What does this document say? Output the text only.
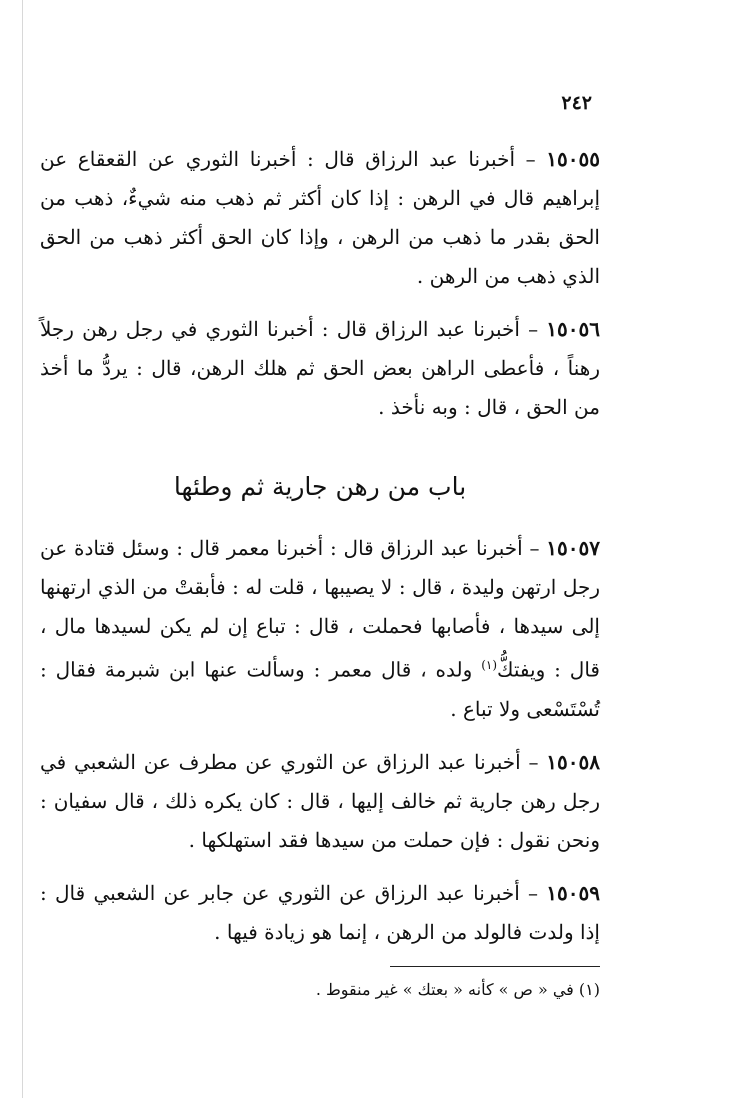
٢٤٢

١٥٠٥٥ – أخبرنا عبد الرزاق قال : أخبرنا الثوري عن القعقاع عن إبراهيم قال في الرهن : إذا كان أكثر ثم ذهب منه شيءٌ، ذهب من الحق بقدر ما ذهب من الرهن ، وإذا كان الحق أكثر ذهب من الحق الذي ذهب من الرهن .

١٥٠٥٦ – أخبرنا عبد الرزاق قال : أخبرنا الثوري في رجل رهن رجلاً رهناً ، فأعطى الراهن بعض الحق ثم هلك الرهن، قال : يردُّ ما أخذ من الحق ، قال : وبه نأخذ .

باب من رهن جارية ثم وطئها

١٥٠٥٧ – أخبرنا عبد الرزاق قال : أخبرنا معمر قال : وسئل قتادة عن رجل ارتهن وليدة ، قال : لا يصيبها ، قلت له : فأبقتْ من الذي ارتهنها إلى سيدها ، فأصابها فحملت ، قال : تباع إن لم يكن لسيدها مال ، قال : ويفتكُّ$^{(١)}$ ولده ، قال معمر : وسألت عنها ابن شبرمة فقال : تُسْتَسْعى ولا تباع .

١٥٠٥٨ – أخبرنا عبد الرزاق عن الثوري عن مطرف عن الشعبي في رجل رهن جارية ثم خالف إليها ، قال : كان يكره ذلك ، قال سفيان : ونحن نقول : فإن حملت من سيدها فقد استهلكها .

١٥٠٥٩ – أخبرنا عبد الرزاق عن الثوري عن جابر عن الشعبي قال : إذا ولدت فالولد من الرهن ، إنما هو زيادة فيها .

(١) في « ص » كأنه « بعتك » غير منقوط .
